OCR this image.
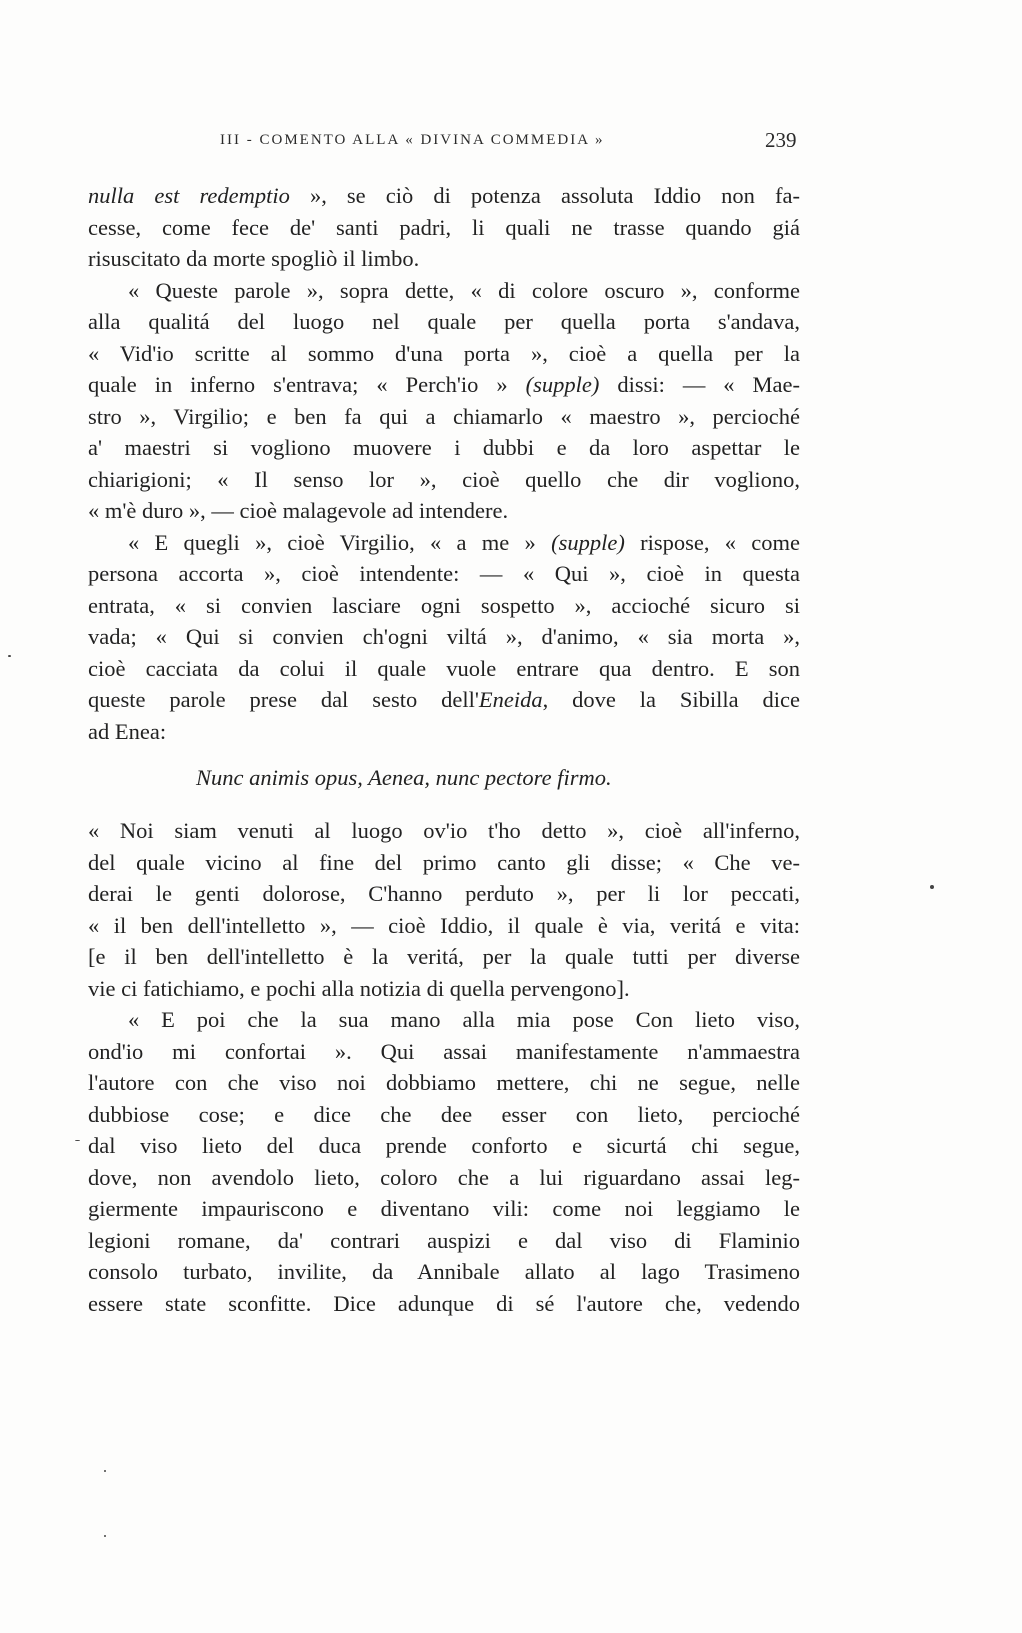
III - COMENTO ALLA « DIVINA COMMEDIA »	239
nulla est redemptio », se ciò di potenza assoluta Iddio non fa-
cesse, come fece de' santi padri, li quali ne trasse quando giá
risuscitato da morte spogliò il limbo.
« Queste parole », sopra dette, « di colore oscuro », conforme
alla qualitá del luogo nel quale per quella porta s'andava,
« Vid'io scritte al sommo d'una porta », cioè a quella per la
quale in inferno s'entrava; « Perch'io » (supple) dissi: — « Mae-
stro », Virgilio; e ben fa qui a chiamarlo « maestro », percioché
a' maestri si vogliono muovere i dubbi e da loro aspettar le
chiarigioni; « Il senso lor », cioè quello che dir vogliono,
« m'è duro », — cioè malagevole ad intendere.
« E quegli », cioè Virgilio, « a me » (supple) rispose, « come
persona accorta », cioè intendente: — « Qui », cioè in questa
entrata, « si convien lasciare ogni sospetto », accioché sicuro si
vada; « Qui si convien ch'ogni viltá », d'animo, « sia morta »,
cioè cacciata da colui il quale vuole entrare qua dentro. E son
queste parole prese dal sesto dell'Eneida, dove la Sibilla dice
ad Enea:
Nunc animis opus, Aenea, nunc pectore firmo.
« Noi siam venuti al luogo ov'io t'ho detto », cioè all'inferno,
del quale vicino al fine del primo canto gli disse; « Che ve-
derai le genti dolorose, C'hanno perduto », per li lor peccati,
« il ben dell'intelletto », — cioè Iddio, il quale è via, veritá e vita:
[e il ben dell'intelletto è la veritá, per la quale tutti per diverse
vie ci fatichiamo, e pochi alla notizia di quella pervengono].
« E poi che la sua mano alla mia pose Con lieto viso,
ond'io mi confortai ». Qui assai manifestamente n'ammaestra
l'autore con che viso noi dobbiamo mettere, chi ne segue, nelle
dubbiose cose; e dice che dee esser con lieto, percioché
dal viso lieto del duca prende conforto e sicurtá chi segue,
dove, non avendolo lieto, coloro che a lui riguardano assai leg-
giermente impauriscono e diventano vili: come noi leggiamo le
legioni romane, da' contrari auspizi e dal viso di Flaminio
consolo turbato, invilite, da Annibale allato al lago Trasimeno
essere state sconfitte. Dice adunque di sé l'autore che, vedendo
